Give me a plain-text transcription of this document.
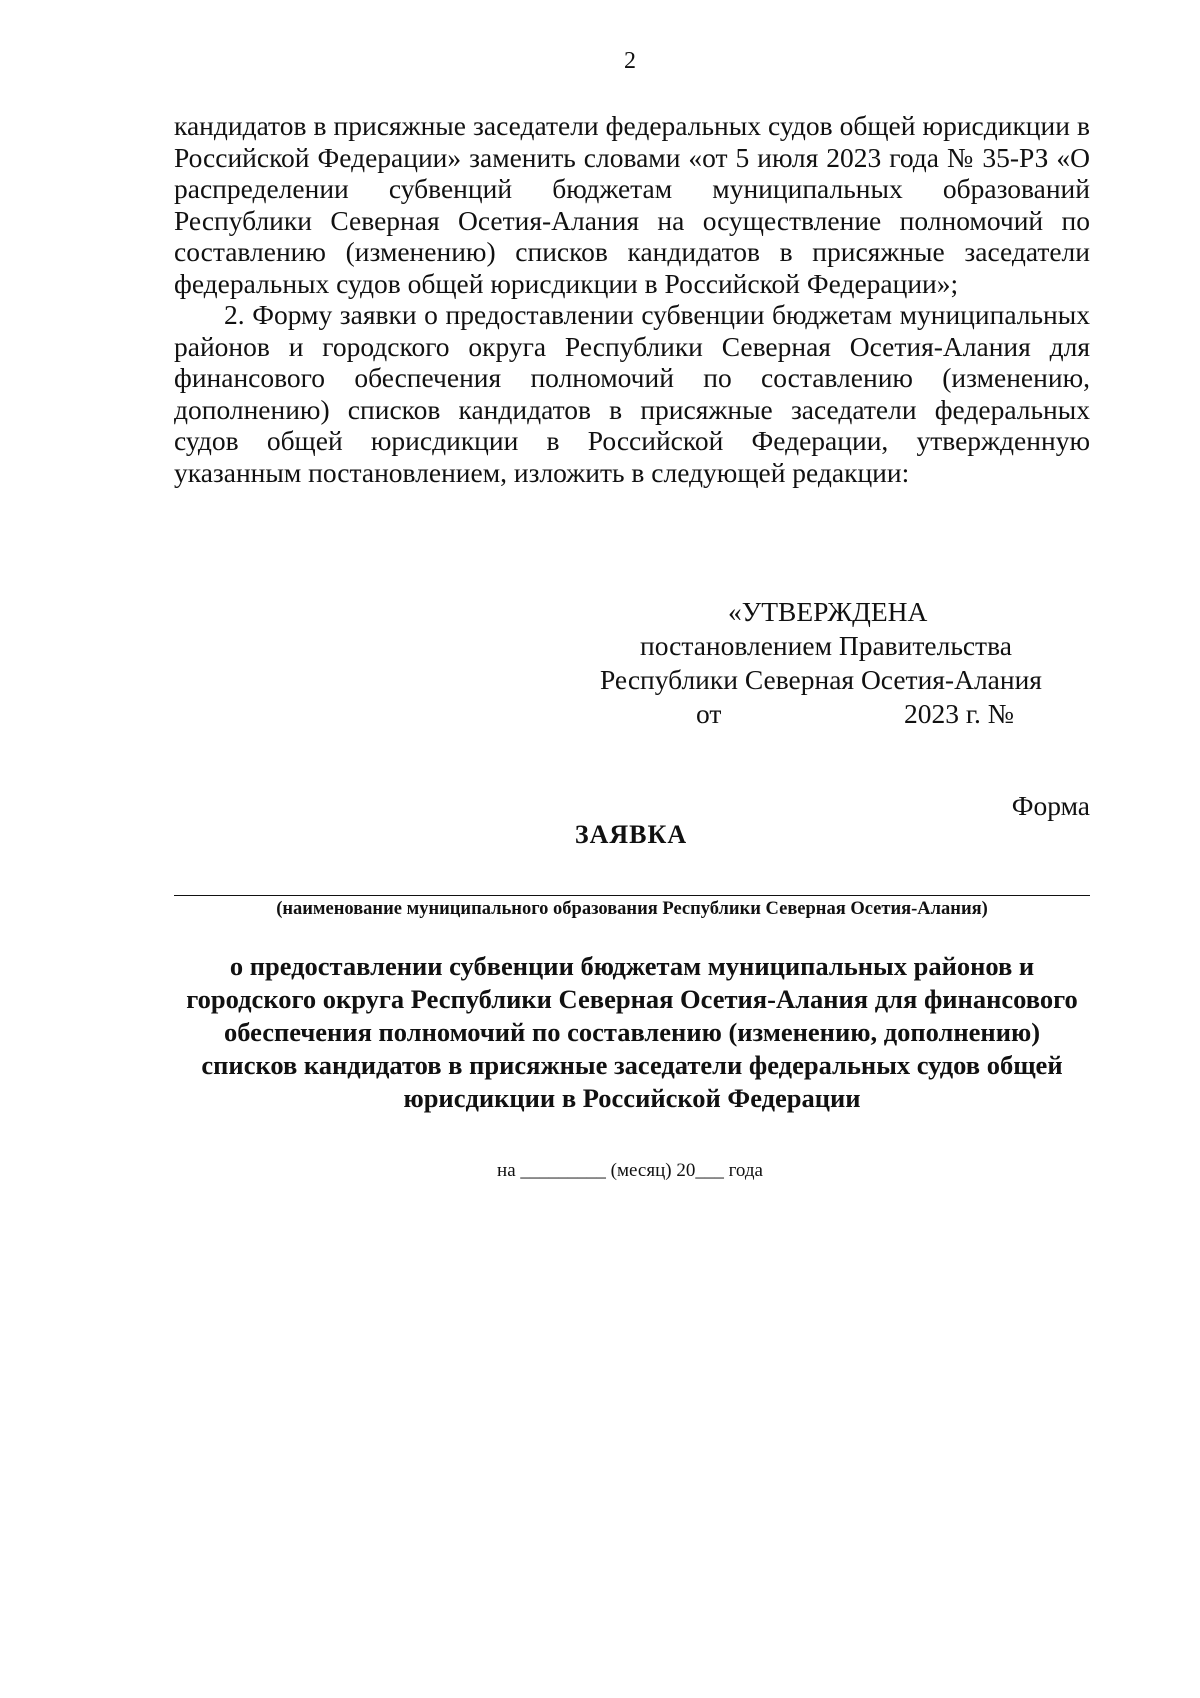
2

кандидатов в присяжные заседатели федеральных судов общей юрисдикции в Российской Федерации» заменить словами «от 5 июля 2023 года № 35-РЗ «О распределении субвенций бюджетам муниципальных образований Республики Северная Осетия-Алания на осуществление полномочий по составлению (изменению) списков кандидатов в присяжные заседатели федеральных судов общей юрисдикции в Российской Федерации»;

2. Форму заявки о предоставлении субвенции бюджетам муниципальных районов и городского округа Республики Северная Осетия-Алания для финансового обеспечения полномочий по составлению (изменению, дополнению) списков кандидатов в присяжные заседатели федеральных судов общей юрисдикции в Российской Федерации, утвержденную указанным постановлением, изложить в следующей редакции:

«УТВЕРЖДЕНА
постановлением Правительства
Республики Северная Осетия-Алания
от	2023 г. №
Форма
ЗАЯВКА
(наименование муниципального образования Республики Северная Осетия-Алания)
о предоставлении субвенции бюджетам муниципальных районов и городского округа Республики Северная Осетия-Алания для финансового обеспечения полномочий по составлению (изменению, дополнению) списков кандидатов в присяжные заседатели федеральных судов общей юрисдикции в Российской Федерации
на _________ (месяц) 20___ года
